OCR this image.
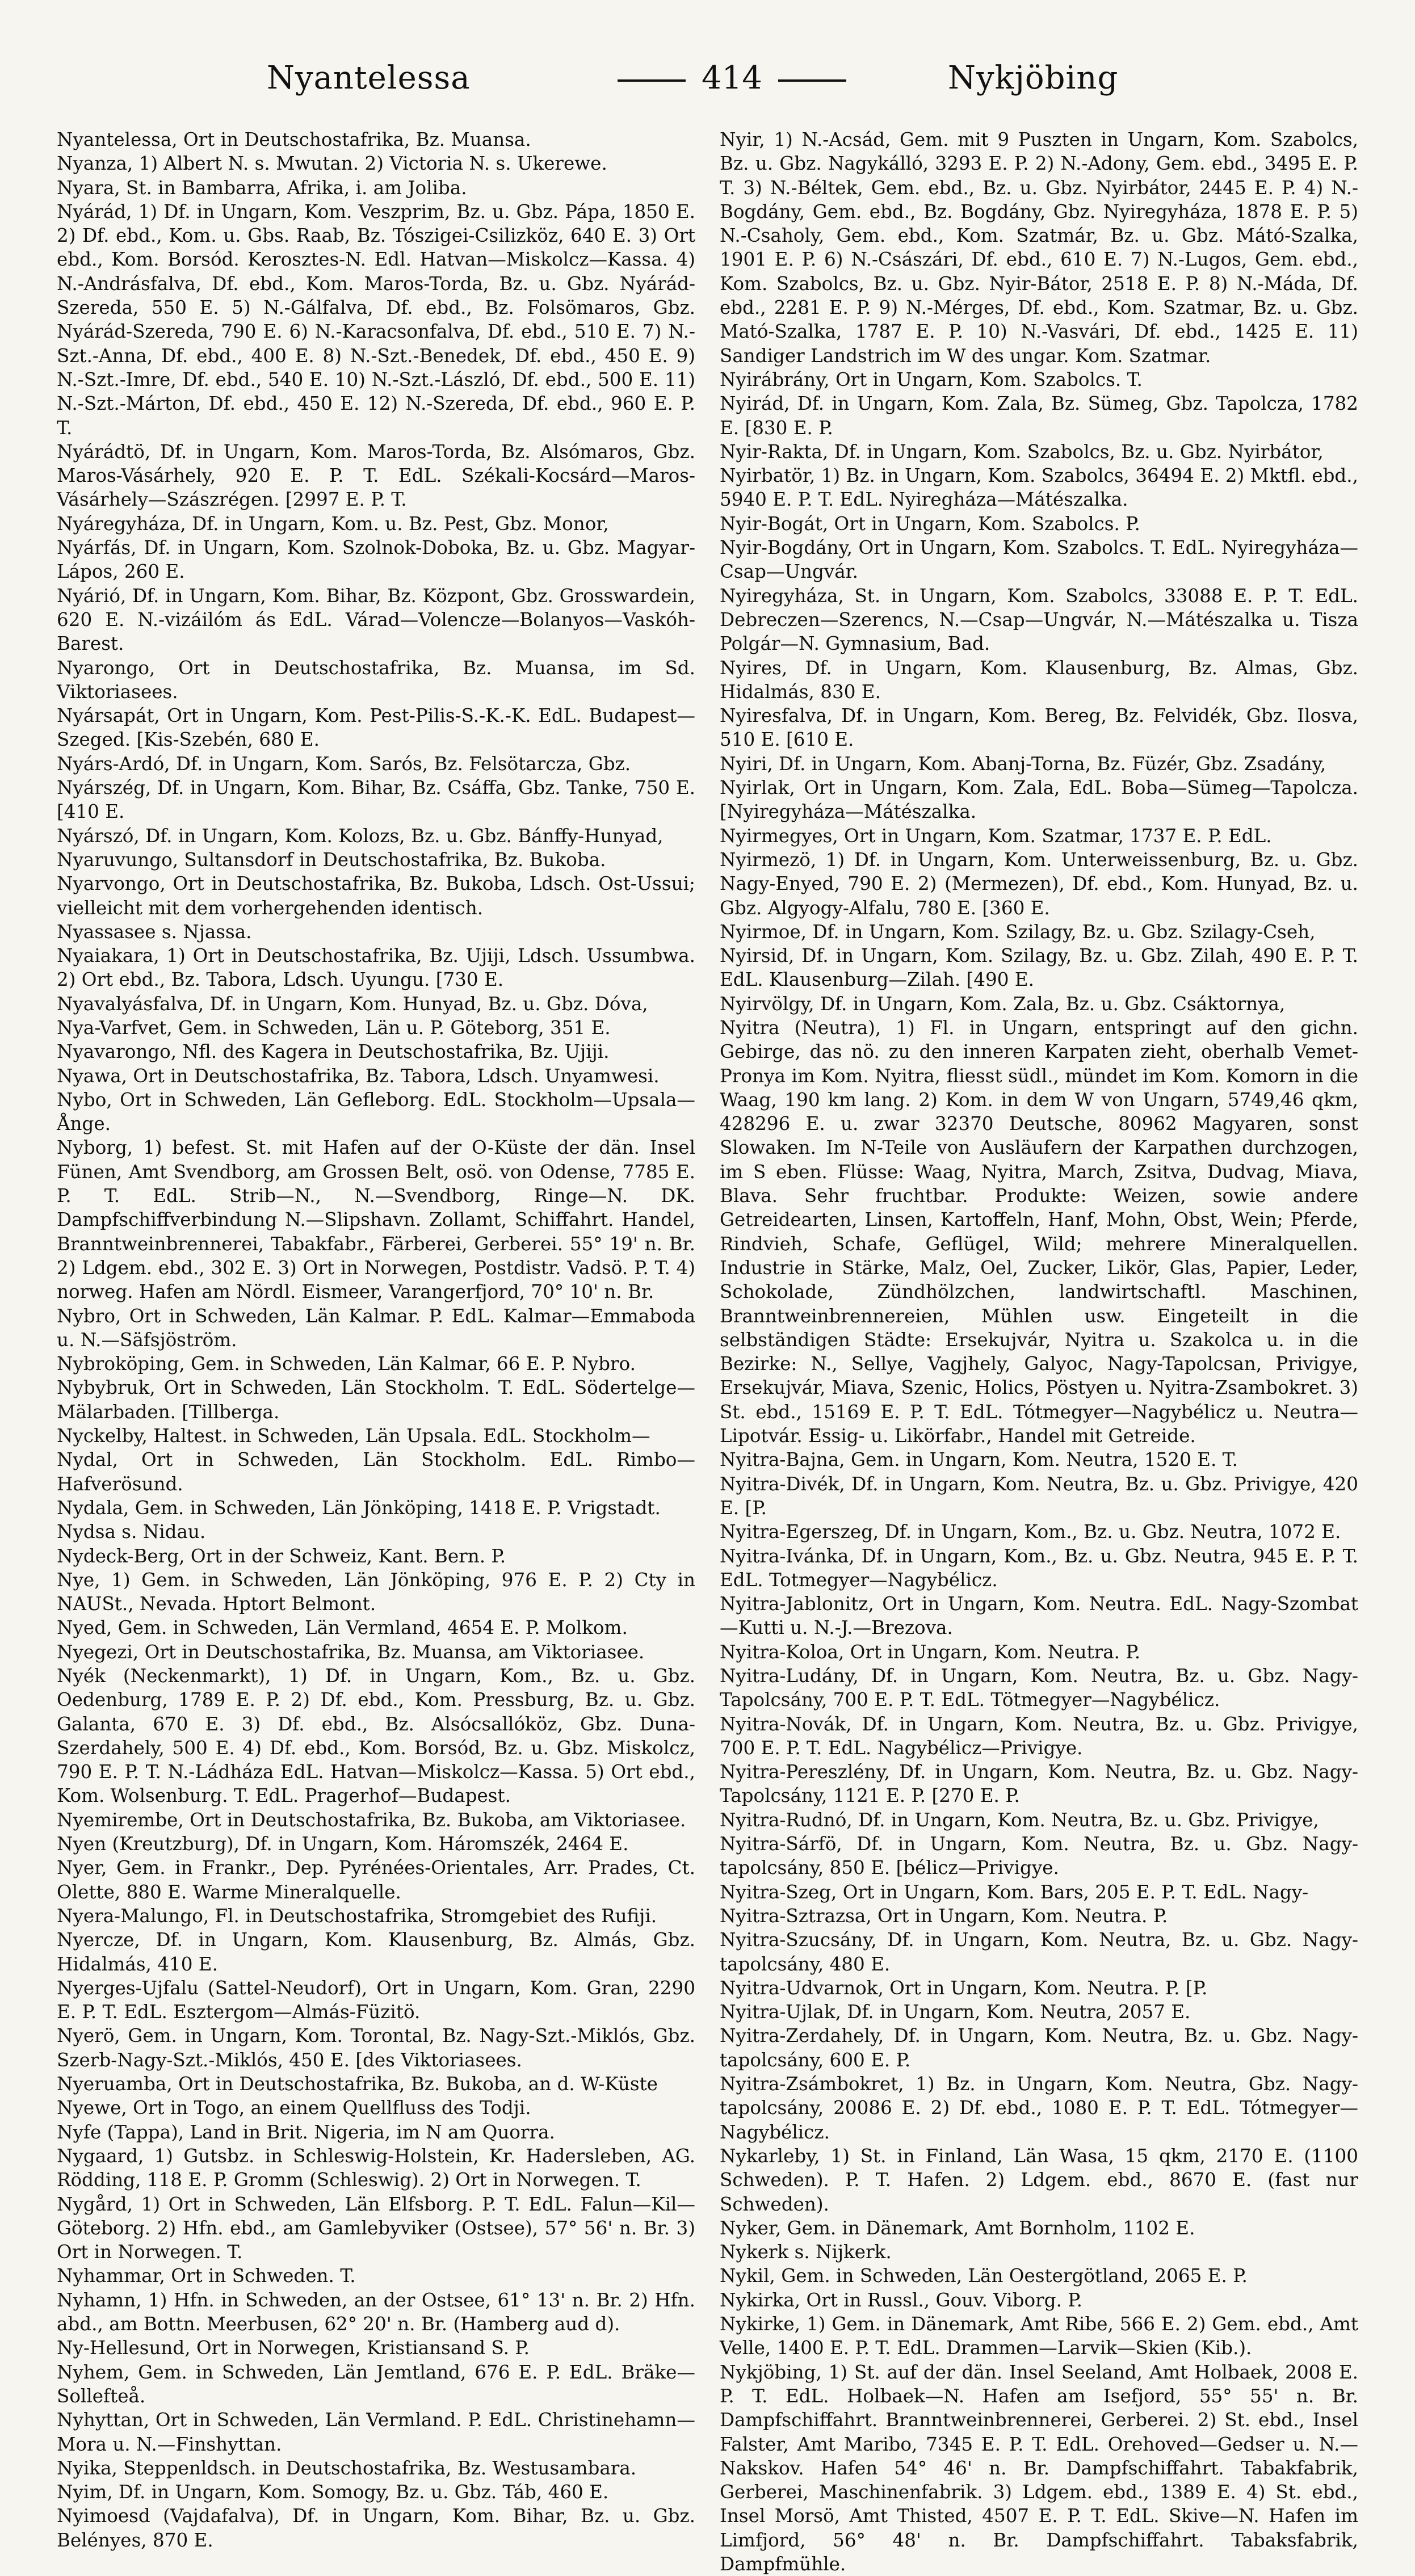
Nyantelessa	414	Nykjöbing

Nyantelessa, Ort in Deutschostafrika, Bz. Muansa.

Nyanza, 1) Albert N. s. Mwutan. 2) Victoria N. s. Ukerewe.

Nyara, St. in Bambarra, Afrika, i. am Joliba.

Nyárád, 1) Df. in Ungarn, Kom. Veszprim, Bz. u. Gbz. Pápa, 1850 E. 2) Df. ebd., Kom. u. Gbs. Raab, Bz. Tószigei-Csilizköz, 640 E. 3) Ort ebd., Kom. Borsód. Kerosztes-N. Edl. Hatvan—Miskolcz—Kassa. 4) N.-Andrásfalva, Df. ebd., Kom. Maros-Torda, Bz. u. Gbz. Nyárád-Szereda, 550 E. 5) N.-Gálfalva, Df. ebd., Bz. Folsömaros, Gbz. Nyárád-Szereda, 790 E. 6) N.-Karacsonfalva, Df. ebd., 510 E. 7) N.-Szt.-Anna, Df. ebd., 400 E. 8) N.-Szt.-Benedek, Df. ebd., 450 E. 9) N.-Szt.-Imre, Df. ebd., 540 E. 10) N.-Szt.-László, Df. ebd., 500 E. 11) N.-Szt.-Márton, Df. ebd., 450 E. 12) N.-Szereda, Df. ebd., 960 E. P. T.

Nyárádtö, Df. in Ungarn, Kom. Maros-Torda, Bz. Alsómaros, Gbz. Maros-Vásárhely, 920 E. P. T. EdL. Székali-Kocsárd—Maros-Vásárhely—Szászrégen. [2997 E. P. T.

Nyáregyháza, Df. in Ungarn, Kom. u. Bz. Pest, Gbz. Monor,

Nyárfás, Df. in Ungarn, Kom. Szolnok-Doboka, Bz. u. Gbz. Magyar-Lápos, 260 E.

Nyárió, Df. in Ungarn, Kom. Bihar, Bz. Központ, Gbz. Grosswardein, 620 E. N.-vizáilóm ás EdL. Várad—Volencze—Bolanyos—Vaskóh-Barest.

Nyarongo, Ort in Deutschostafrika, Bz. Muansa, im Sd. Viktoriasees.

Nyársapát, Ort in Ungarn, Kom. Pest-Pilis-S.-K.-K. EdL. Budapest—Szeged. [Kis-Szebén, 680 E.

Nyárs-Ardó, Df. in Ungarn, Kom. Sarós, Bz. Felsötarcza, Gbz.

Nyárszég, Df. in Ungarn, Kom. Bihar, Bz. Csáffa, Gbz. Tanke, 750 E. [410 E.

Nyárszó, Df. in Ungarn, Kom. Kolozs, Bz. u. Gbz. Bánffy-Hunyad,

Nyaruvungo, Sultansdorf in Deutschostafrika, Bz. Bukoba.

Nyarvongo, Ort in Deutschostafrika, Bz. Bukoba, Ldsch. Ost-Ussui; vielleicht mit dem vorhergehenden identisch.

Nyassasee s. Njassa.

Nyaiakara, 1) Ort in Deutschostafrika, Bz. Ujiji, Ldsch. Ussumbwa. 2) Ort ebd., Bz. Tabora, Ldsch. Uyungu. [730 E.

Nyavalyásfalva, Df. in Ungarn, Kom. Hunyad, Bz. u. Gbz. Dóva,

Nya-Varfvet, Gem. in Schweden, Län u. P. Göteborg, 351 E.

Nyavarongo, Nfl. des Kagera in Deutschostafrika, Bz. Ujiji.

Nyawa, Ort in Deutschostafrika, Bz. Tabora, Ldsch. Unyamwesi.

Nybo, Ort in Schweden, Län Gefleborg. EdL. Stockholm—Upsala—Ånge.

Nyborg, 1) befest. St. mit Hafen auf der O-Küste der dän. Insel Fünen, Amt Svendborg, am Grossen Belt, osö. von Odense, 7785 E. P. T. EdL. Strib—N., N.—Svendborg, Ringe—N. DK. Dampfschiffverbindung N.—Slipshavn. Zollamt, Schiffahrt. Handel, Branntweinbrennerei, Tabakfabr., Färberei, Gerberei. 55° 19' n. Br. 2) Ldgem. ebd., 302 E. 3) Ort in Norwegen, Postdistr. Vadsö. P. T. 4) norweg. Hafen am Nördl. Eismeer, Varangerfjord, 70° 10' n. Br.

Nybro, Ort in Schweden, Län Kalmar. P. EdL. Kalmar—Emmaboda u. N.—Säfsjöström.

Nybroköping, Gem. in Schweden, Län Kalmar, 66 E. P. Nybro.

Nybybruk, Ort in Schweden, Län Stockholm. T. EdL. Södertelge—Mälarbaden. [Tillberga.

Nyckelby, Haltest. in Schweden, Län Upsala. EdL. Stockholm—

Nydal, Ort in Schweden, Län Stockholm. EdL. Rimbo—Hafverösund.

Nydala, Gem. in Schweden, Län Jönköping, 1418 E. P. Vrigstadt.

Nydsa s. Nidau.

Nydeck-Berg, Ort in der Schweiz, Kant. Bern. P.

Nye, 1) Gem. in Schweden, Län Jönköping, 976 E. P. 2) Cty in NAUSt., Nevada. Hptort Belmont.

Nyed, Gem. in Schweden, Län Vermland, 4654 E. P. Molkom.

Nyegezi, Ort in Deutschostafrika, Bz. Muansa, am Viktoriasee.

Nyék (Neckenmarkt), 1) Df. in Ungarn, Kom., Bz. u. Gbz. Oedenburg, 1789 E. P. 2) Df. ebd., Kom. Pressburg, Bz. u. Gbz. Galanta, 670 E. 3) Df. ebd., Bz. Alsócsallóköz, Gbz. Duna-Szerdahely, 500 E. 4) Df. ebd., Kom. Borsód, Bz. u. Gbz. Miskolcz, 790 E. P. T. N.-Ládháza EdL. Hatvan—Miskolcz—Kassa. 5) Ort ebd., Kom. Wolsenburg. T. EdL. Pragerhof—Budapest.

Nyemirembe, Ort in Deutschostafrika, Bz. Bukoba, am Viktoriasee.

Nyen (Kreutzburg), Df. in Ungarn, Kom. Háromszék, 2464 E.

Nyer, Gem. in Frankr., Dep. Pyrénées-Orientales, Arr. Prades, Ct. Olette, 880 E. Warme Mineralquelle.

Nyera-Malungo, Fl. in Deutschostafrika, Stromgebiet des Rufiji.

Nyercze, Df. in Ungarn, Kom. Klausenburg, Bz. Almás, Gbz. Hidalmás, 410 E.

Nyerges-Ujfalu (Sattel-Neudorf), Ort in Ungarn, Kom. Gran, 2290 E. P. T. EdL. Esztergom—Almás-Füzitö.

Nyerö, Gem. in Ungarn, Kom. Torontal, Bz. Nagy-Szt.-Miklós, Gbz. Szerb-Nagy-Szt.-Miklós, 450 E. [des Viktoriasees.

Nyeruamba, Ort in Deutschostafrika, Bz. Bukoba, an d. W-Küste

Nyewe, Ort in Togo, an einem Quellfluss des Todji.

Nyfe (Tappa), Land in Brit. Nigeria, im N am Quorra.

Nygaard, 1) Gutsbz. in Schleswig-Holstein, Kr. Hadersleben, AG. Rödding, 118 E. P. Gromm (Schleswig). 2) Ort in Norwegen. T.

Nygård, 1) Ort in Schweden, Län Elfsborg. P. T. EdL. Falun—Kil—Göteborg. 2) Hfn. ebd., am Gamlebyviker (Ostsee), 57° 56' n. Br. 3) Ort in Norwegen. T.

Nyhammar, Ort in Schweden. T.

Nyhamn, 1) Hfn. in Schweden, an der Ostsee, 61° 13' n. Br. 2) Hfn. abd., am Bottn. Meerbusen, 62° 20' n. Br. (Hamberg aud d).

Ny-Hellesund, Ort in Norwegen, Kristiansand S. P.

Nyhem, Gem. in Schweden, Län Jemtland, 676 E. P. EdL. Bräke—Sollefteå.

Nyhyttan, Ort in Schweden, Län Vermland. P. EdL. Christinehamn—Mora u. N.—Finshyttan.

Nyika, Steppenldsch. in Deutschostafrika, Bz. Westusambara.

Nyim, Df. in Ungarn, Kom. Somogy, Bz. u. Gbz. Táb, 460 E.

Nyimoesd (Vajdafalva), Df. in Ungarn, Kom. Bihar, Bz. u. Gbz. Belényes, 870 E.

Nyir, 1) N.-Acsád, Gem. mit 9 Puszten in Ungarn, Kom. Szabolcs, Bz. u. Gbz. Nagykálló, 3293 E. P. 2) N.-Adony, Gem. ebd., 3495 E. P. T. 3) N.-Béltek, Gem. ebd., Bz. u. Gbz. Nyirbátor, 2445 E. P. 4) N.-Bogdány, Gem. ebd., Bz. Bogdány, Gbz. Nyiregyháza, 1878 E. P. 5) N.-Csaholy, Gem. ebd., Kom. Szatmár, Bz. u. Gbz. Mátó-Szalka, 1901 E. P. 6) N.-Császári, Df. ebd., 610 E. 7) N.-Lugos, Gem. ebd., Kom. Szabolcs, Bz. u. Gbz. Nyir-Bátor, 2518 E. P. 8) N.-Máda, Df. ebd., 2281 E. P. 9) N.-Mérges, Df. ebd., Kom. Szatmar, Bz. u. Gbz. Mató-Szalka, 1787 E. P. 10) N.-Vasvári, Df. ebd., 1425 E. 11) Sandiger Landstrich im W des ungar. Kom. Szatmar.

Nyirábrány, Ort in Ungarn, Kom. Szabolcs. T.

Nyirád, Df. in Ungarn, Kom. Zala, Bz. Sümeg, Gbz. Tapolcza, 1782 E. [830 E. P.

Nyir-Rakta, Df. in Ungarn, Kom. Szabolcs, Bz. u. Gbz. Nyirbátor,

Nyirbatör, 1) Bz. in Ungarn, Kom. Szabolcs, 36494 E. 2) Mktfl. ebd., 5940 E. P. T. EdL. Nyiregháza—Mátészalka.

Nyir-Bogát, Ort in Ungarn, Kom. Szabolcs. P.

Nyir-Bogdány, Ort in Ungarn, Kom. Szabolcs. T. EdL. Nyiregyháza—Csap—Ungvár.

Nyiregyháza, St. in Ungarn, Kom. Szabolcs, 33088 E. P. T. EdL. Debreczen—Szerencs, N.—Csap—Ungvár, N.—Mátészalka u. Tisza Polgár—N. Gymnasium, Bad.

Nyires, Df. in Ungarn, Kom. Klausenburg, Bz. Almas, Gbz. Hidalmás, 830 E.

Nyiresfalva, Df. in Ungarn, Kom. Bereg, Bz. Felvidék, Gbz. Ilosva, 510 E. [610 E.

Nyiri, Df. in Ungarn, Kom. Abanj-Torna, Bz. Füzér, Gbz. Zsadány,

Nyirlak, Ort in Ungarn, Kom. Zala, EdL. Boba—Sümeg—Tapolcza. [Nyiregyháza—Mátészalka.

Nyirmegyes, Ort in Ungarn, Kom. Szatmar, 1737 E. P. EdL.

Nyirmezö, 1) Df. in Ungarn, Kom. Unterweissenburg, Bz. u. Gbz. Nagy-Enyed, 790 E. 2) (Mermezen), Df. ebd., Kom. Hunyad, Bz. u. Gbz. Algyogy-Alfalu, 780 E. [360 E.

Nyirmoe, Df. in Ungarn, Kom. Szilagy, Bz. u. Gbz. Szilagy-Cseh,

Nyirsid, Df. in Ungarn, Kom. Szilagy, Bz. u. Gbz. Zilah, 490 E. P. T. EdL. Klausenburg—Zilah. [490 E.

Nyirvölgy, Df. in Ungarn, Kom. Zala, Bz. u. Gbz. Csáktornya,

Nyitra (Neutra), 1) Fl. in Ungarn, entspringt auf den gichn. Gebirge, das nö. zu den inneren Karpaten zieht, oberhalb Vemet-Pronya im Kom. Nyitra, fliesst südl., mündet im Kom. Komorn in die Waag, 190 km lang. 2) Kom. in dem W von Ungarn, 5749,46 qkm, 428296 E. u. zwar 32370 Deutsche, 80962 Magyaren, sonst Slowaken. Im N-Teile von Ausläufern der Karpathen durchzogen, im S eben. Flüsse: Waag, Nyitra, March, Zsitva, Dudvag, Miava, Blava. Sehr fruchtbar. Produkte: Weizen, sowie andere Getreidearten, Linsen, Kartoffeln, Hanf, Mohn, Obst, Wein; Pferde, Rindvieh, Schafe, Geflügel, Wild; mehrere Mineralquellen. Industrie in Stärke, Malz, Oel, Zucker, Likör, Glas, Papier, Leder, Schokolade, Zündhölzchen, landwirtschaftl. Maschinen, Branntweinbrennereien, Mühlen usw. Eingeteilt in die selbständigen Städte: Ersekujvár, Nyitra u. Szakolca u. in die Bezirke: N., Sellye, Vagjhely, Galyoc, Nagy-Tapolcsan, Privigye, Ersekujvár, Miava, Szenic, Holics, Pöstyen u. Nyitra-Zsambokret. 3) St. ebd., 15169 E. P. T. EdL. Tótmegyer—Nagybélicz u. Neutra—Lipotvár. Essig- u. Likörfabr., Handel mit Getreide.

Nyitra-Bajna, Gem. in Ungarn, Kom. Neutra, 1520 E. T.

Nyitra-Divék, Df. in Ungarn, Kom. Neutra, Bz. u. Gbz. Privigye, 420 E. [P.

Nyitra-Egerszeg, Df. in Ungarn, Kom., Bz. u. Gbz. Neutra, 1072 E.

Nyitra-Ivánka, Df. in Ungarn, Kom., Bz. u. Gbz. Neutra, 945 E. P. T. EdL. Totmegyer—Nagybélicz.

Nyitra-Jablonitz, Ort in Ungarn, Kom. Neutra. EdL. Nagy-Szombat—Kutti u. N.-J.—Brezova.

Nyitra-Koloa, Ort in Ungarn, Kom. Neutra. P.

Nyitra-Ludány, Df. in Ungarn, Kom. Neutra, Bz. u. Gbz. Nagy-Tapolcsány, 700 E. P. T. EdL. Tötmegyer—Nagybélicz.

Nyitra-Novák, Df. in Ungarn, Kom. Neutra, Bz. u. Gbz. Privigye, 700 E. P. T. EdL. Nagybélicz—Privigye.

Nyitra-Pereszlény, Df. in Ungarn, Kom. Neutra, Bz. u. Gbz. Nagy-Tapolcsány, 1121 E. P. [270 E. P.

Nyitra-Rudnó, Df. in Ungarn, Kom. Neutra, Bz. u. Gbz. Privigye,

Nyitra-Sárfö, Df. in Ungarn, Kom. Neutra, Bz. u. Gbz. Nagy-tapolcsány, 850 E. [bélicz—Privigye.

Nyitra-Szeg, Ort in Ungarn, Kom. Bars, 205 E. P. T. EdL. Nagy-

Nyitra-Sztrazsa, Ort in Ungarn, Kom. Neutra. P.

Nyitra-Szucsány, Df. in Ungarn, Kom. Neutra, Bz. u. Gbz. Nagy-tapolcsány, 480 E.

Nyitra-Udvarnok, Ort in Ungarn, Kom. Neutra. P. [P.

Nyitra-Ujlak, Df. in Ungarn, Kom. Neutra, 2057 E.

Nyitra-Zerdahely, Df. in Ungarn, Kom. Neutra, Bz. u. Gbz. Nagy-tapolcsány, 600 E. P.

Nyitra-Zsámbokret, 1) Bz. in Ungarn, Kom. Neutra, Gbz. Nagy-tapolcsány, 20086 E. 2) Df. ebd., 1080 E. P. T. EdL. Tótmegyer—Nagybélicz.

Nykarleby, 1) St. in Finland, Län Wasa, 15 qkm, 2170 E. (1100 Schweden). P. T. Hafen. 2) Ldgem. ebd., 8670 E. (fast nur Schweden).

Nyker, Gem. in Dänemark, Amt Bornholm, 1102 E.

Nykerk s. Nijkerk.

Nykil, Gem. in Schweden, Län Oestergötland, 2065 E. P.

Nykirka, Ort in Russl., Gouv. Viborg. P.

Nykirke, 1) Gem. in Dänemark, Amt Ribe, 566 E. 2) Gem. ebd., Amt Velle, 1400 E. P. T. EdL. Drammen—Larvik—Skien (Kib.).

Nykjöbing, 1) St. auf der dän. Insel Seeland, Amt Holbaek, 2008 E. P. T. EdL. Holbaek—N. Hafen am Isefjord, 55° 55' n. Br. Dampfschiffahrt. Branntweinbrennerei, Gerberei. 2) St. ebd., Insel Falster, Amt Maribo, 7345 E. P. T. EdL. Orehoved—Gedser u. N.—Nakskov. Hafen 54° 46' n. Br. Dampfschiffahrt. Tabakfabrik, Gerberei, Maschinenfabrik. 3) Ldgem. ebd., 1389 E. 4) St. ebd., Insel Morsö, Amt Thisted, 4507 E. P. T. EdL. Skive—N. Hafen im Limfjord, 56° 48' n. Br. Dampfschiffahrt. Tabaksfabrik, Dampfmühle.
